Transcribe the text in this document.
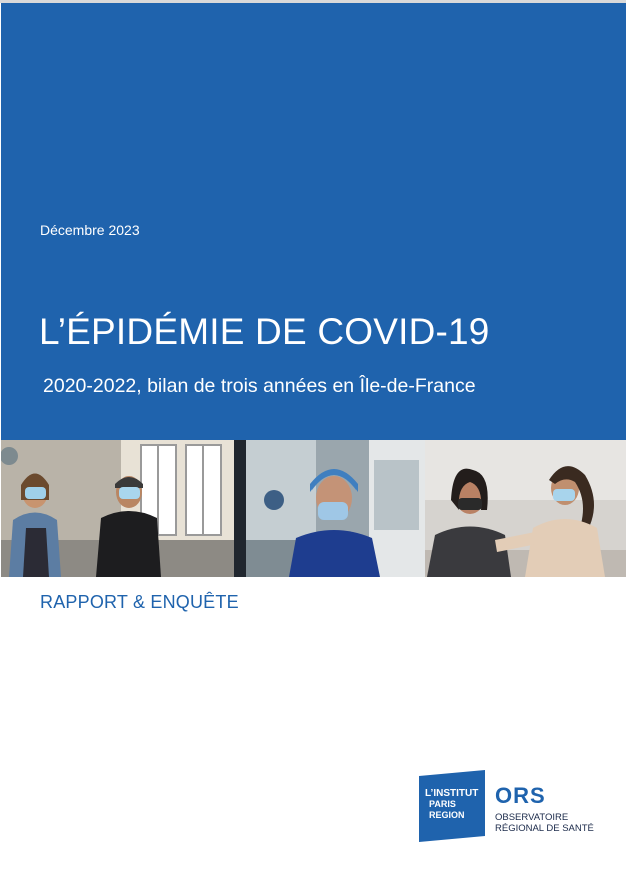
Décembre 2023
L’ÉPIDÉMIE DE COVID-19
2020-2022, bilan de trois années en Île-de-France
RAPPORT & ENQUÊTE
L’INSTITUT
PARIS
REGION
ORS
OBSERVATOIRE
RÉGIONAL DE SANTÉ
